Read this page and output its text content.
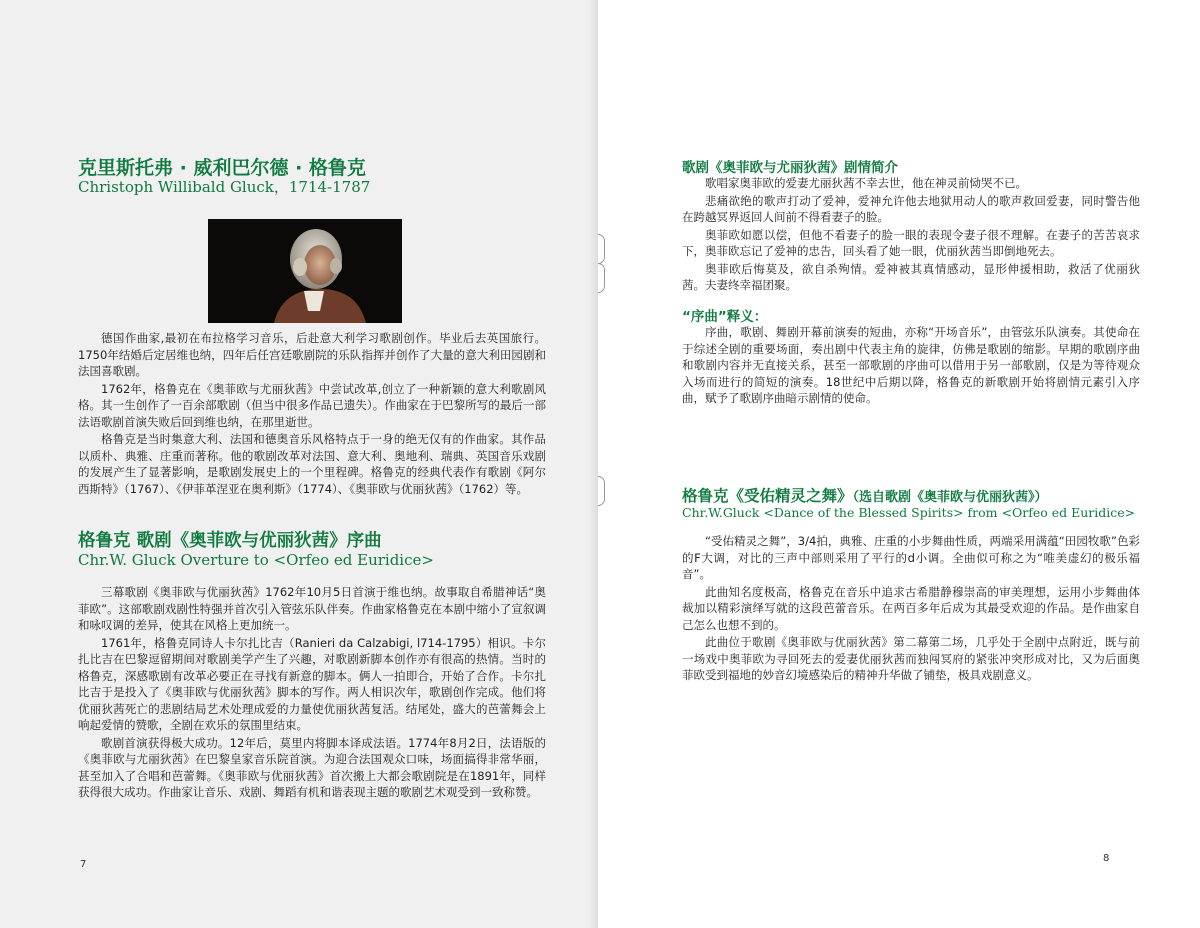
克里斯托弗 · 威利巴尔德 · 格鲁克
Christoph Willibald Gluck，1714-1787

德国作曲家,最初在布拉格学习音乐，后赴意大利学习歌剧创作。毕业后去英国旅行。1750年结婚后定居维也纳，四年后任宫廷歌剧院的乐队指挥并创作了大量的意大利田园剧和法国喜歌剧。

1762年，格鲁克在《奥菲欧与尤丽狄茜》中尝试改革,创立了一种新颖的意大利歌剧风格。其一生创作了一百余部歌剧（但当中很多作品已遗失）。作曲家在于巴黎所写的最后一部法语歌剧首演失败后回到维也纳，在那里逝世。

格鲁克是当时集意大利、法国和德奥音乐风格特点于一身的绝无仅有的作曲家。其作品以质朴、典雅、庄重而著称。他的歌剧改革对法国、意大利、奥地利、瑞典、英国音乐戏剧的发展产生了显著影响，是歌剧发展史上的一个里程碑。格鲁克的经典代表作有歌剧《阿尔西斯特》（1767）、《伊菲革涅亚在奥利斯》（1774）、《奥菲欧与优丽狄茜》（1762）等。

格鲁克 歌剧《奥菲欧与优丽狄茜》序曲
Chr.W. Gluck Overture to <Orfeo ed Euridice>

三幕歌剧《奥菲欧与优丽狄茜》1762年10月5日首演于维也纳。故事取自希腊神话“奥菲欧”。这部歌剧戏剧性特强并首次引入管弦乐队伴奏。作曲家格鲁克在本剧中缩小了宣叙调和咏叹调的差异，使其在风格上更加统一。

1761年，格鲁克同诗人卡尔扎比吉（Ranieri da Calzabigi, l714-1795）相识。卡尔扎比吉在巴黎逗留期间对歌剧美学产生了兴趣，对歌剧新脚本创作亦有很高的热情。当时的格鲁克，深感歌剧有改革必要正在寻找有新意的脚本。俩人一拍即合，开始了合作。卡尔扎比吉于是投入了《奥菲欧与优丽狄茜》脚本的写作。两人相识次年，歌剧创作完成。他们将优丽狄茜死亡的悲剧结局艺术处理成爱的力量使优丽狄茜复活。结尾处，盛大的芭蕾舞会上响起爱情的赞歌，全剧在欢乐的氛围里结束。

歌剧首演获得极大成功。12年后，莫里内将脚本译成法语。1774年8月2日，法语版的《奥菲欧与尤丽狄茜》在巴黎皇家音乐院首演。为迎合法国观众口味，场面搞得非常华丽，甚至加入了合唱和芭蕾舞。《奥菲欧与优丽狄茜》首次搬上大都会歌剧院是在1891年，同样获得很大成功。作曲家让音乐、戏剧、舞蹈有机和谐表现主题的歌剧艺术观受到一致称赞。

7
歌剧《奥菲欧与尤丽狄茜》剧情简介

歌唱家奥菲欧的爱妻尤丽狄茜不幸去世，他在神灵前恸哭不已。

悲痛欲绝的歌声打动了爱神，爱神允许他去地狱用动人的歌声救回爱妻，同时警告他在跨越冥界返回人间前不得看妻子的脸。

奥菲欧如愿以偿，但他不看妻子的脸一眼的表现令妻子很不理解。在妻子的苦苦哀求下，奥菲欧忘记了爱神的忠告，回头看了她一眼，优丽狄茜当即倒地死去。

奥菲欧后悔莫及，欲自杀殉情。爱神被其真情感动，显形伸援相助，救活了优丽狄茜。夫妻终幸福团聚。

“序曲”释义：

序曲，歌剧、舞剧开幕前演奏的短曲，亦称“开场音乐”，由管弦乐队演奏。其使命在于综述全剧的重要场面，奏出剧中代表主角的旋律，仿佛是歌剧的缩影。早期的歌剧序曲和歌剧内容并无直接关系，甚至一部歌剧的序曲可以借用于另一部歌剧，仅是为等待观众入场而进行的简短的演奏。18世纪中后期以降，格鲁克的新歌剧开始将剧情元素引入序曲，赋予了歌剧序曲暗示剧情的使命。

格鲁克《受佑精灵之舞》（选自歌剧《奥菲欧与优丽狄茜》）
Chr.W.Gluck <Dance of the Blessed Spirits> from <Orfeo ed Euridice>

“受佑精灵之舞”，3/4拍，典雅、庄重的小步舞曲性质，两端采用满蕴“田园牧歌”色彩的F大调，对比的三声中部则采用了平行的d小调。全曲似可称之为“唯美虚幻的极乐福音”。

此曲知名度极高，格鲁克在音乐中追求古希腊静穆崇高的审美理想，运用小步舞曲体裁加以精彩演绎写就的这段芭蕾音乐。在两百多年后成为其最受欢迎的作品。是作曲家自己怎么也想不到的。

此曲位于歌剧《奥菲欧与优丽狄茜》第二幕第二场，几乎处于全剧中点附近，既与前一场戏中奥菲欧为寻回死去的爱妻优丽狄茜而独闯冥府的紧张冲突形成对比，又为后面奥菲欧受到福地的妙音幻境感染后的精神升华做了铺垫，极具戏剧意义。

8
